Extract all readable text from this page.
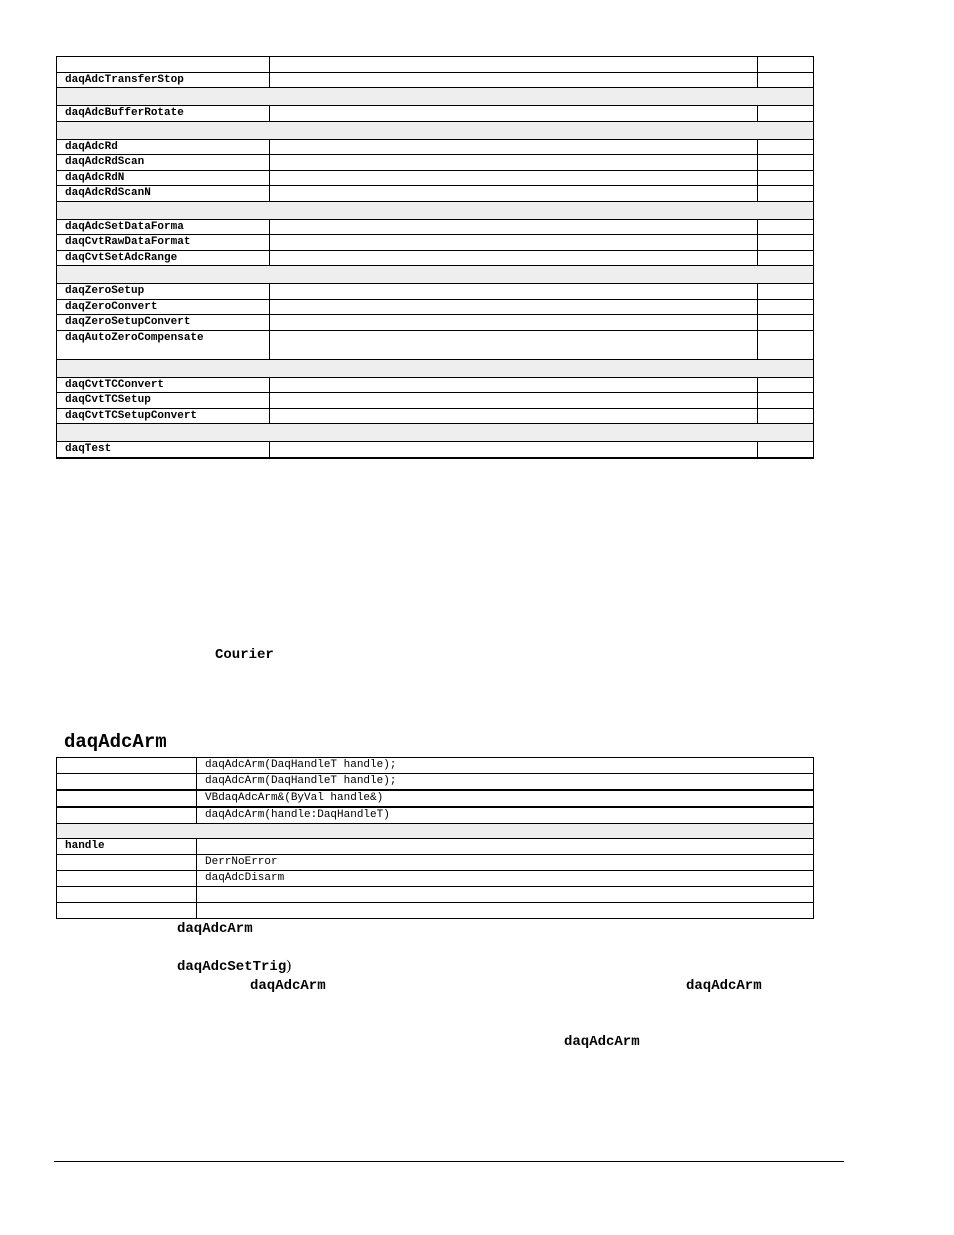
daqAdcTransferStop		

daqAdcBufferRotate		

daqAdcRd		
daqAdcRdScan		
daqAdcRdN		
daqAdcRdScanN		

daqAdcSetDataForma		
daqCvtRawDataFormat		
daqCvtSetAdcRange		

daqZeroSetup		
daqZeroConvert		
daqZeroSetupConvert		
daqAutoZeroCompensate		

daqCvtTCConvert		
daqCvtTCSetup		
daqCvtTCSetupConvert		

daqTest		
Courier
daqAdcArm
	daqAdcArm(DaqHandleT handle);
	daqAdcArm(DaqHandleT handle);
	VBdaqAdcArm&(ByVal handle&)
	daqAdcArm(handle:DaqHandleT)

handle	
	DerrNoError
	daqAdcDisarm

daqAdcArm
daqAdcSetTrig)
daqAdcArm	daqAdcArm
daqAdcArm
